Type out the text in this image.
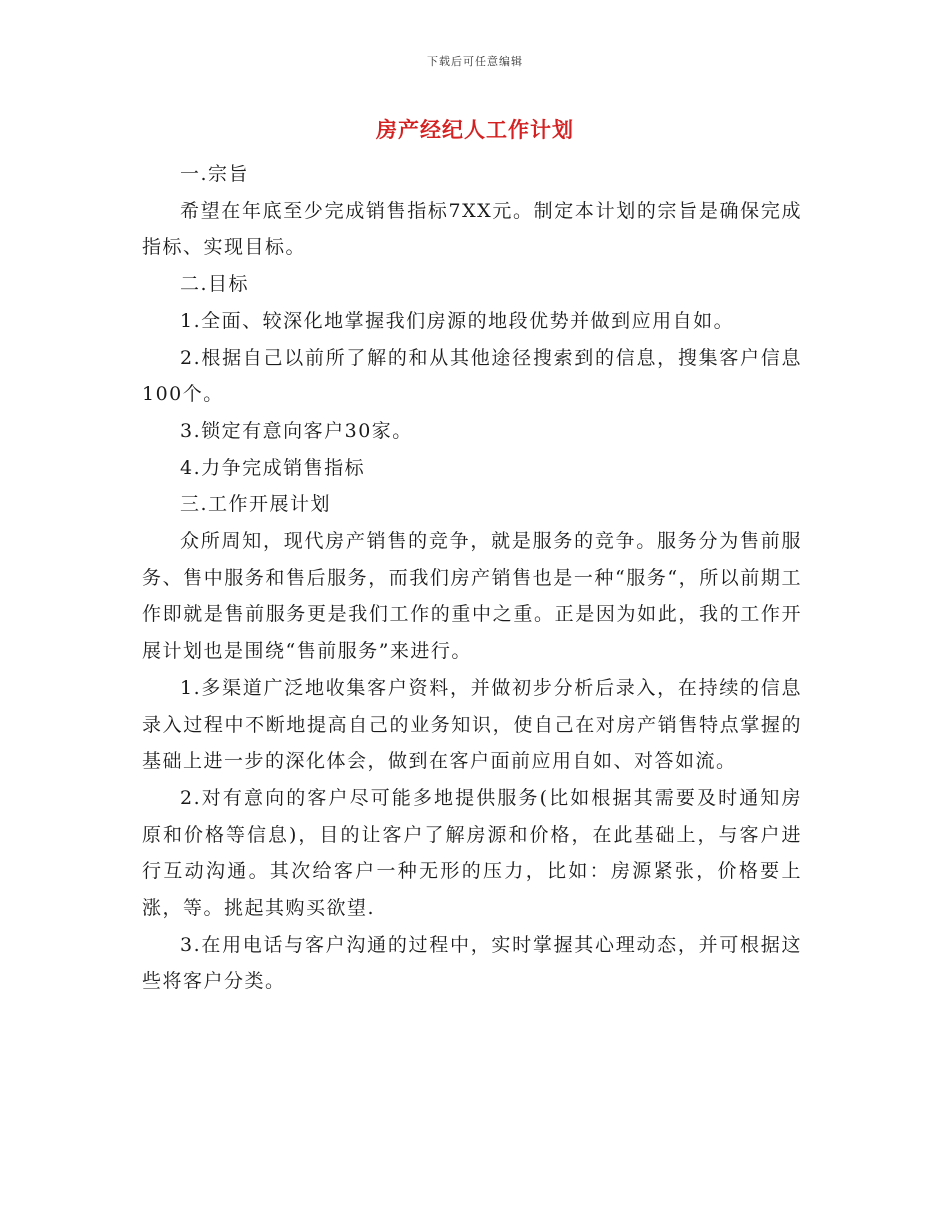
下载后可任意编辑
房产经纪人工作计划

一.宗旨

希望在年底至少完成销售指标7XX元。制定本计划的宗旨是确保完成指标、实现目标。

二.目标

1.全面、较深化地掌握我们房源的地段优势并做到应用自如。

2.根据自己以前所了解的和从其他途径搜索到的信息，搜集客户信息100个。

3.锁定有意向客户30家。

4.力争完成销售指标

三.工作开展计划

众所周知，现代房产销售的竞争，就是服务的竞争。服务分为售前服务、售中服务和售后服务，而我们房产销售也是一种“服务“，所以前期工作即就是售前服务更是我们工作的重中之重。正是因为如此，我的工作开展计划也是围绕“售前服务”来进行。

1.多渠道广泛地收集客户资料，并做初步分析后录入，在持续的信息录入过程中不断地提高自己的业务知识，使自己在对房产销售特点掌握的基础上进一步的深化体会，做到在客户面前应用自如、对答如流。

2.对有意向的客户尽可能多地提供服务(比如根据其需要及时通知房原和价格等信息)，目的让客户了解房源和价格，在此基础上，与客户进行互动沟通。其次给客户一种无形的压力，比如：房源紧张，价格要上涨，等。挑起其购买欲望.

3.在用电话与客户沟通的过程中，实时掌握其心理动态，并可根据这些将客户分类。
